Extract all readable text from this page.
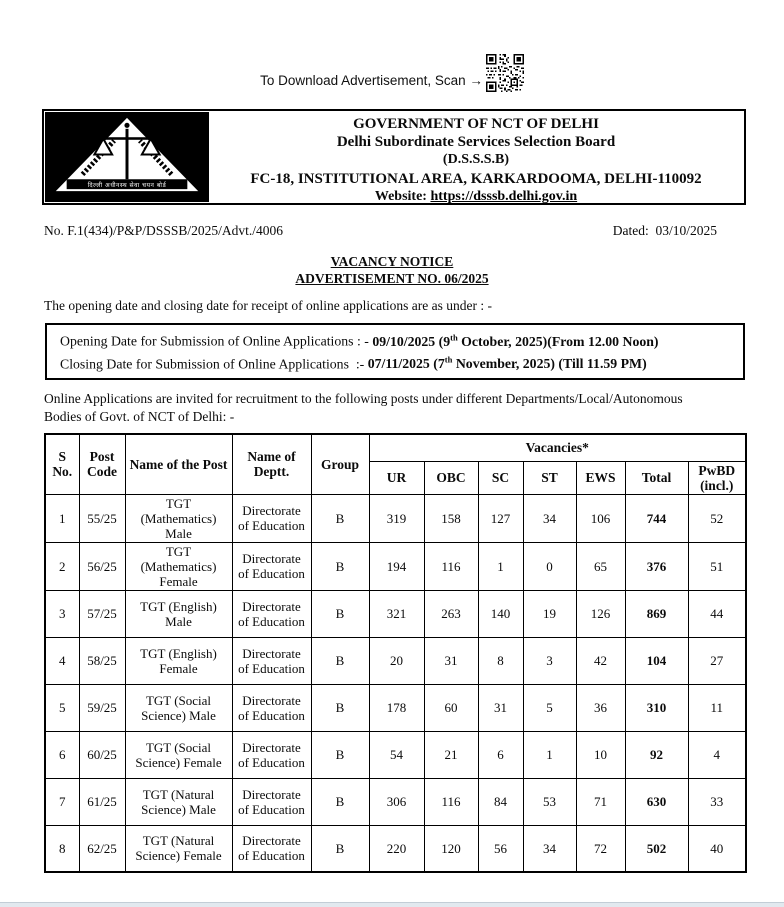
To Download Advertisement, Scan →
दिल्ली अधीनस्थ सेवा चयन बोर्ड
GOVERNMENT OF NCT OF DELHI
Delhi Subordinate Services Selection Board
(D.S.S.S.B)
FC-18, INSTITUTIONAL AREA, KARKARDOOMA, DELHI-110092
Website: https://dsssb.delhi.gov.in
No. F.1(434)/P&P/DSSSB/2025/Advt./4006	Dated:  03/10/2025
VACANCY NOTICE
ADVERTISEMENT NO. 06/2025
The opening date and closing date for receipt of online applications are as under : -
Opening Date for Submission of Online Applications : - 09/10/2025 (9th October, 2025)(From 12.00 Noon)
Closing Date for Submission of Online Applications  :- 07/11/2025 (7th November, 2025) (Till 11.59 PM)
Online Applications are invited for recruitment to the following posts under different Departments/Local/Autonomous
Bodies of Govt. of NCT of Delhi: -
S No.	Post Code	Name of the Post	Name of Deptt.	Group	Vacancies*						
					UR	OBC	SC	ST	EWS	Total	PwBD (incl.)
1	55/25	TGT (Mathematics) Male	Directorate of Education	B	319	158	127	34	106	744	52
2	56/25	TGT (Mathematics) Female	Directorate of Education	B	194	116	1	0	65	376	51
3	57/25	TGT (English) Male	Directorate of Education	B	321	263	140	19	126	869	44
4	58/25	TGT (English) Female	Directorate of Education	B	20	31	8	3	42	104	27
5	59/25	TGT (Social Science) Male	Directorate of Education	B	178	60	31	5	36	310	11
6	60/25	TGT (Social Science) Female	Directorate of Education	B	54	21	6	1	10	92	4
7	61/25	TGT (Natural Science) Male	Directorate of Education	B	306	116	84	53	71	630	33
8	62/25	TGT (Natural Science) Female	Directorate of Education	B	220	120	56	34	72	502	40
